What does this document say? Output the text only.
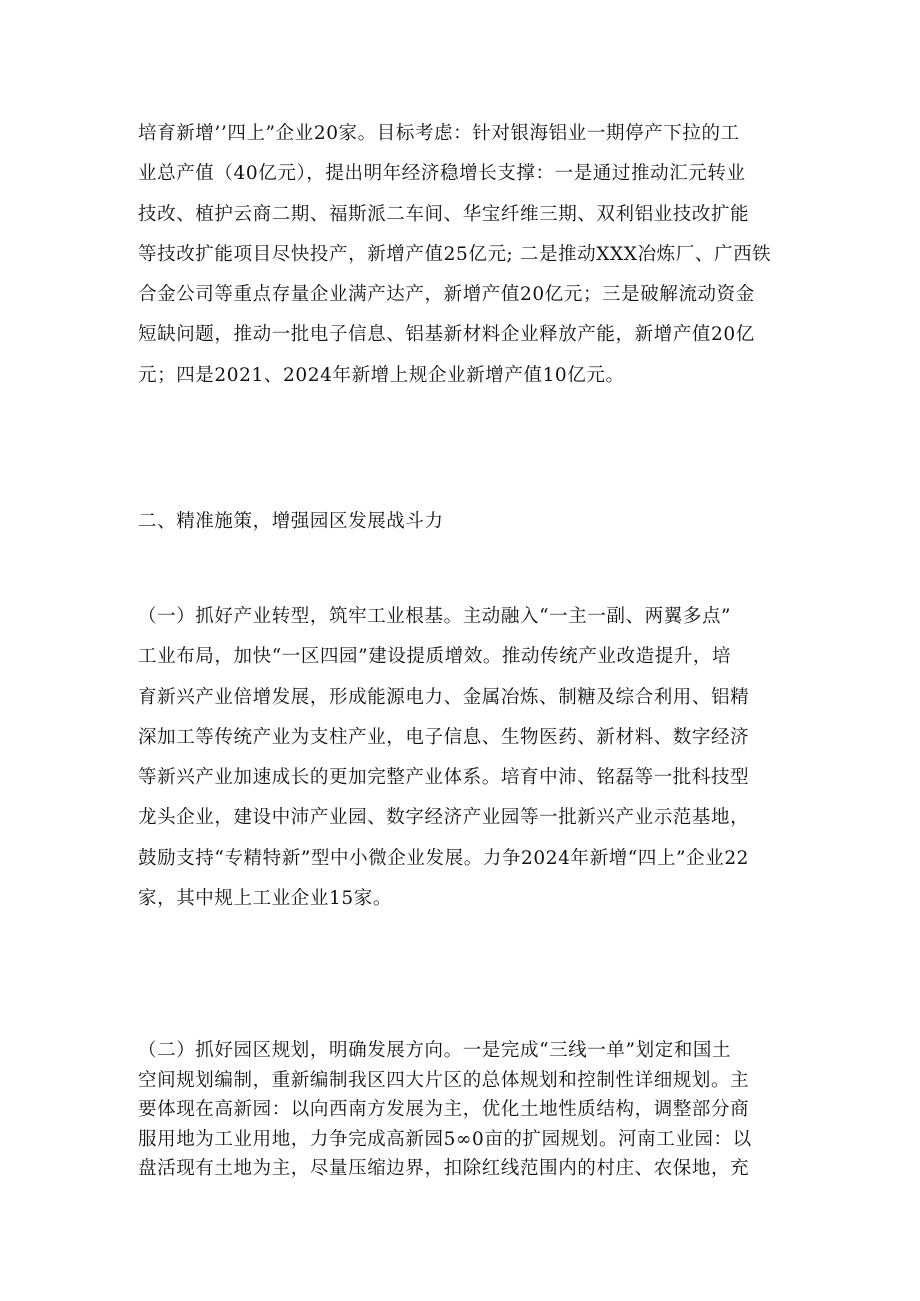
培育新增’’四上”企业20家。目标考虑：针对银海铝业一期停产下拉的工
业总产值（40亿元），提出明年经济稳增长支撑：一是通过推动汇元转业
技改、植护云商二期、福斯派二车间、华宝纤维三期、双利铝业技改扩能
等技改扩能项目尽快投产，新增产值25亿元; 二是推动XXX冶炼厂、广西铁
合金公司等重点存量企业满产达产，新增产值20亿元；三是破解流动资金
短缺问题，推动一批电子信息、铝基新材料企业释放产能，新增产值20亿
元；四是2021、2024年新增上规企业新增产值10亿元。
二、精准施策，增强园区发展战斗力
（一）抓好产业转型，筑牢工业根基。主动融入“一主一副、两翼多点”
工业布局，加快“一区四园”建设提质增效。推动传统产业改造提升，培
育新兴产业倍增发展，形成能源电力、金属冶炼、制糖及综合利用、铝精
深加工等传统产业为支柱产业，电子信息、生物医药、新材料、数字经济
等新兴产业加速成长的更加完整产业体系。培育中沛、铭磊等一批科技型
龙头企业，建设中沛产业园、数字经济产业园等一批新兴产业示范基地，
鼓励支持“专精特新”型中小微企业发展。力争2024年新增“四上”企业22
家，其中规上工业企业15家。
（二）抓好园区规划，明确发展方向。一是完成“三线一单”划定和国土
空间规划编制，重新编制我区四大片区的总体规划和控制性详细规划。主
要体现在高新园：以向西南方发展为主，优化土地性质结构，调整部分商
服用地为工业用地，力争完成高新园5∞0亩的扩园规划。河南工业园：以
盘活现有土地为主，尽量压缩边界，扣除红线范围内的村庄、农保地，充
